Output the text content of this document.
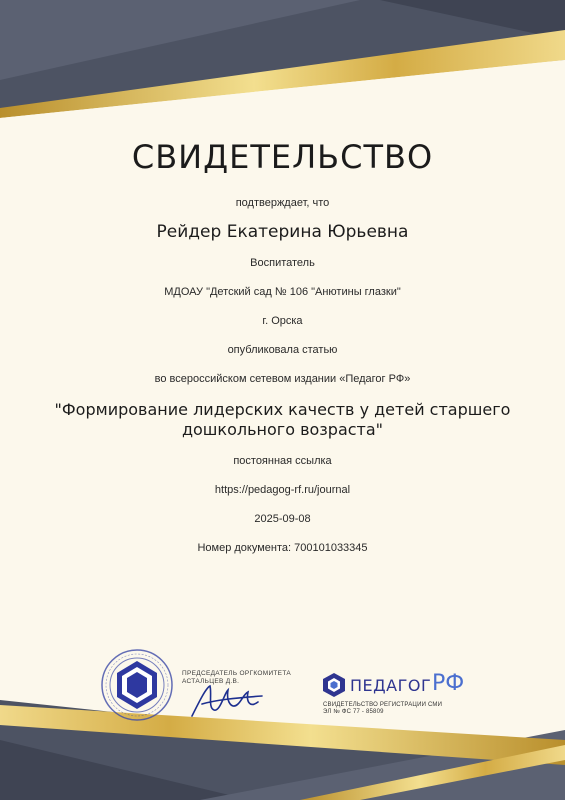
СВИДЕТЕЛЬСТВО
подтверждает, что
Рейдер Екатерина Юрьевна
Воспитатель
МДОАУ "Детский сад № 106 "Анютины глазки"
г. Орска
опубликовала статью
во всероссийском сетевом издании «Педагог РФ»
"Формирование лидерских качеств у детей старшего
дошкольного возраста"
постоянная ссылка
https://pedagog-rf.ru/journal
2025-09-08
Номер документа: 700101033345
ПРЕДСЕДАТЕЛЬ ОРГКОМИТЕТА
АСТАЛЬЦЕВ Д.В.	ПЕДАГОГ РФ
СВИДЕТЕЛЬСТВО РЕГИСТРАЦИИ СМИ
ЭЛ № ФС 77 - 85809
